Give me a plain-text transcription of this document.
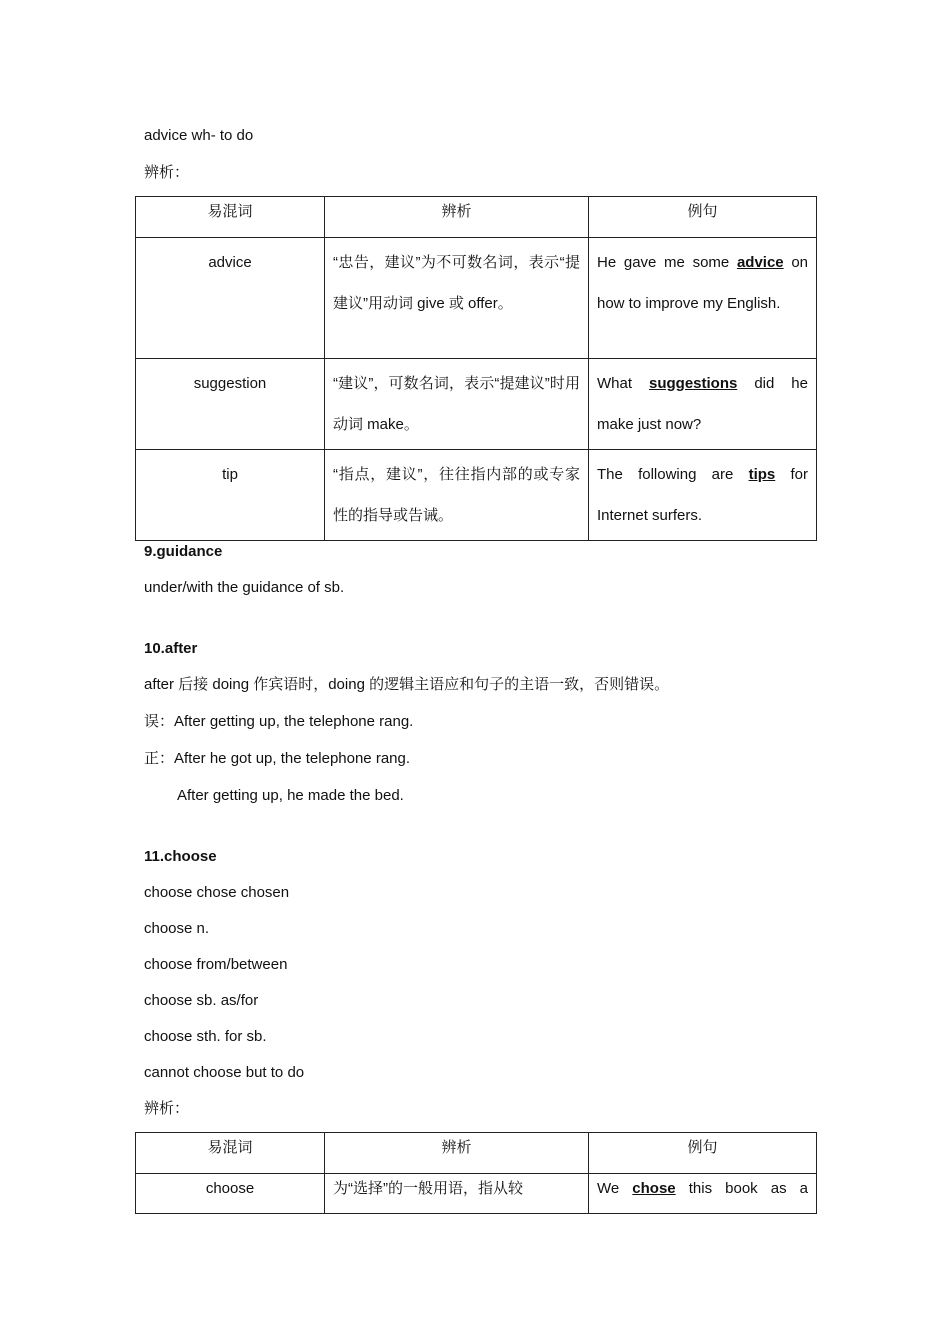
advice wh- to do
辨析：
易混词	辨析	例句
advice	“忠告，建议”为不可数名词，表示“提建议”用动词 give 或 offer。	He gave me some advice on how to improve my English.
suggestion	“建议”，可数名词，表示“提建议”时用动词 make。	What suggestions did he make just now?
tip	“指点，建议”，往往指内部的或专家性的指导或告诫。	The following are tips for Internet surfers.
9.guidance
under/with the guidance of sb.
10.after
after 后接 doing 作宾语时，doing 的逻辑主语应和句子的主语一致，否则错误。
误：After getting up, the telephone rang.
正：After he got up, the telephone rang.
After getting up, he made the bed.
11.choose
choose chose chosen
choose n.
choose from/between
choose sb. as/for
choose sth. for sb.
cannot choose but to do
辨析：
易混词	辨析	例句
choose	为“选择”的一般用语，指从较	We chose this book as a
